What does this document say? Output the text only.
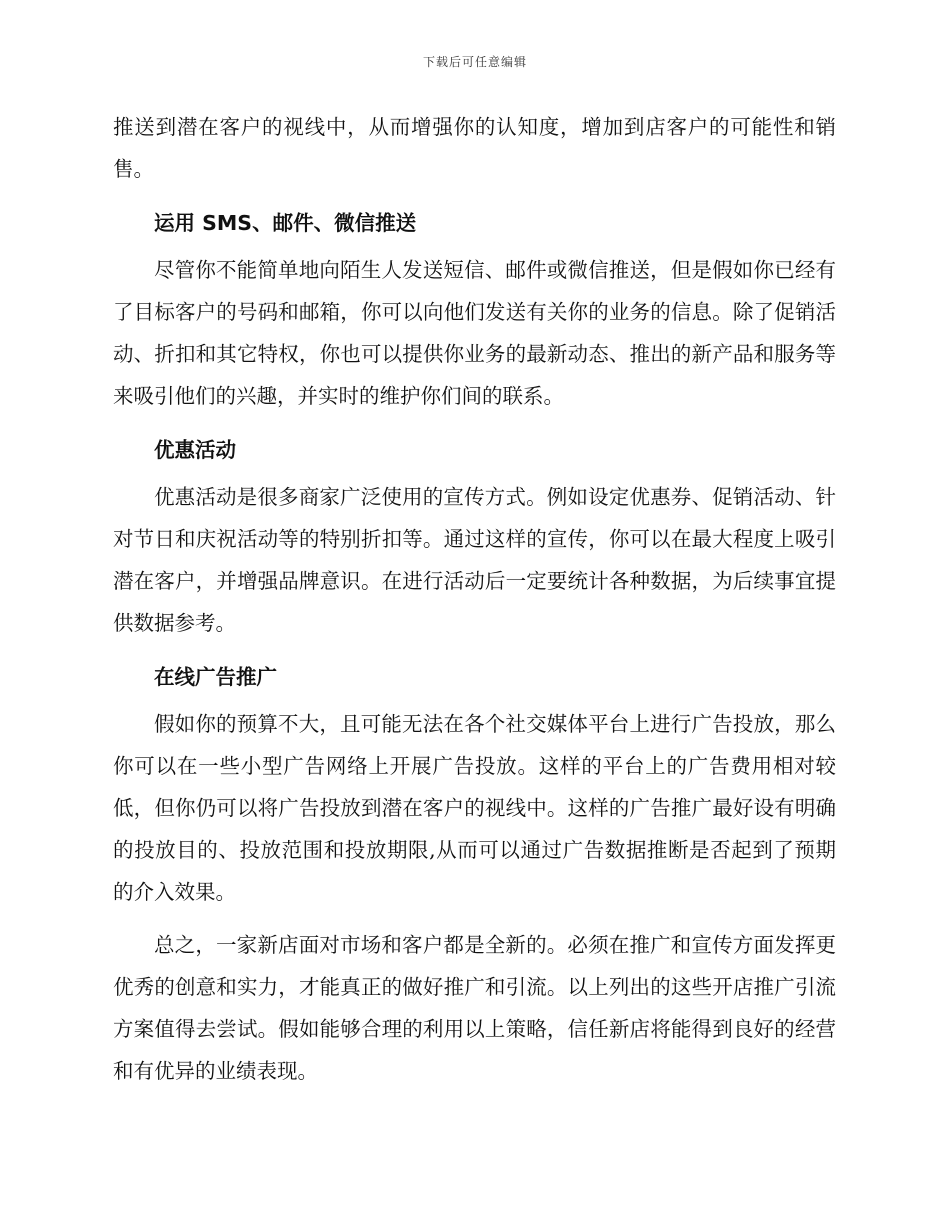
下载后可任意编辑

推送到潜在客户的视线中，从而增强你的认知度，增加到店客户的可能性和销售。

运用 SMS、邮件、微信推送

尽管你不能简单地向陌生人发送短信、邮件或微信推送，但是假如你已经有了目标客户的号码和邮箱，你可以向他们发送有关你的业务的信息。除了促销活动、折扣和其它特权，你也可以提供你业务的最新动态、推出的新产品和服务等来吸引他们的兴趣，并实时的维护你们间的联系。

优惠活动

优惠活动是很多商家广泛使用的宣传方式。例如设定优惠券、促销活动、针对节日和庆祝活动等的特别折扣等。通过这样的宣传，你可以在最大程度上吸引潜在客户，并增强品牌意识。在进行活动后一定要统计各种数据，为后续事宜提供数据参考。

在线广告推广

假如你的预算不大，且可能无法在各个社交媒体平台上进行广告投放，那么你可以在一些小型广告网络上开展广告投放。这样的平台上的广告费用相对较低，但你仍可以将广告投放到潜在客户的视线中。这样的广告推广最好设有明确的投放目的、投放范围和投放期限,从而可以通过广告数据推断是否起到了预期的介入效果。

总之，一家新店面对市场和客户都是全新的。必须在推广和宣传方面发挥更优秀的创意和实力，才能真正的做好推广和引流。以上列出的这些开店推广引流方案值得去尝试。假如能够合理的利用以上策略，信任新店将能得到良好的经营和有优异的业绩表现。
